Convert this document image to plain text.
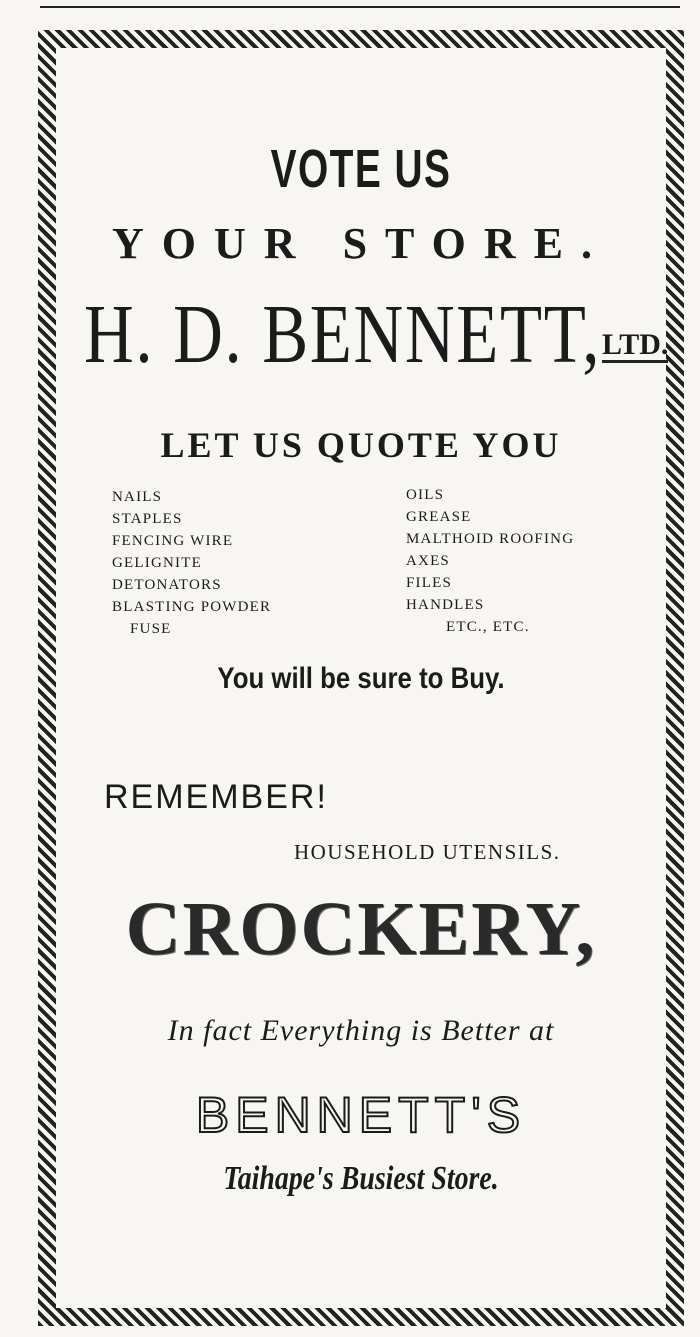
VOTE US
YOUR STORE.
H. D. BENNETT, LTD.
LET US QUOTE YOU
NAILS
STAPLES
FENCING WIRE
GELIGNITE
DETONATORS
BLASTING POWDER
FUSE
OILS
GREASE
MALTHOID ROOFING
AXES
FILES
HANDLES
ETC., ETC.
You will be sure to Buy.
REMEMBER!
HOUSEHOLD UTENSILS.
CROCKERY,
In fact Everything is Better at
BENNETT'S
Taihape's Busiest Store.
